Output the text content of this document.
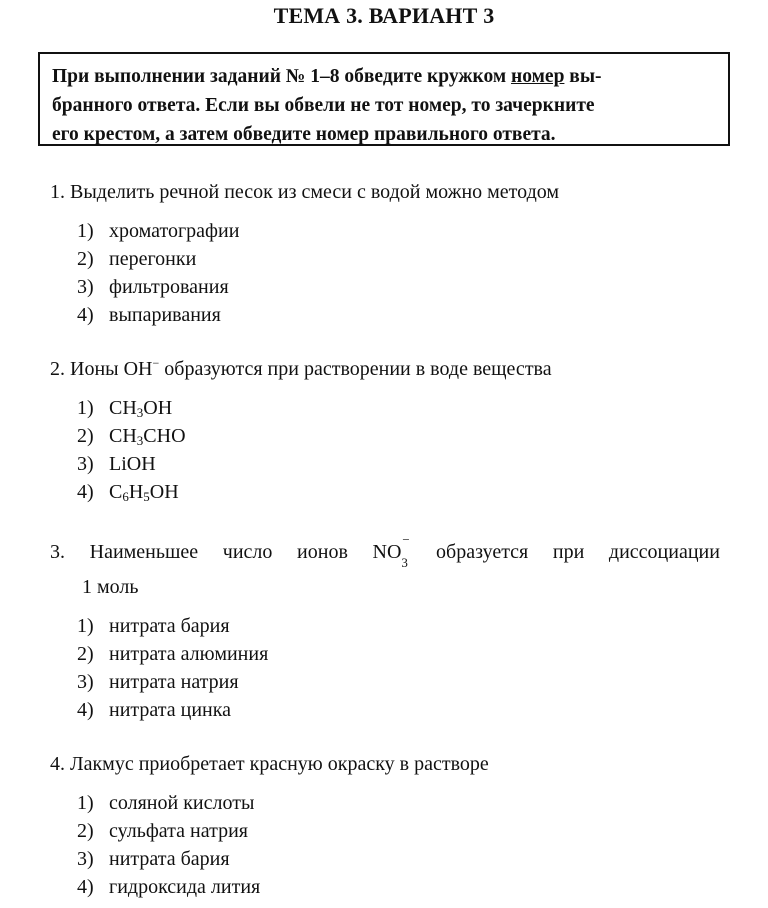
ТЕМА 3. ВАРИАНТ 3
При выполнении заданий № 1–8 обведите кружком номер вы-
бранного ответа. Если вы обвели не тот номер, то зачеркните
его крестом, а затем обведите номер правильного ответа.
1. Выделить речной песок из смеси с водой можно методом
1) хроматографии
2) перегонки
3) фильтрования
4) выпаривания
2. Ионы OH− образуются при растворении в воде вещества
1) $CH_3OH$
2) $CH_3CHO$
3) LiOH
4) $C_6H_5OH$
3. Наименьшее число ионов NO
−
3
образуется при диссоциации
1 моль
1) нитрата бария
2) нитрата алюминия
3) нитрата натрия
4) нитрата цинка
4. Лакмус приобретает красную окраску в растворе
1) соляной кислоты
2) сульфата натрия
3) нитрата бария
4) гидроксида лития
